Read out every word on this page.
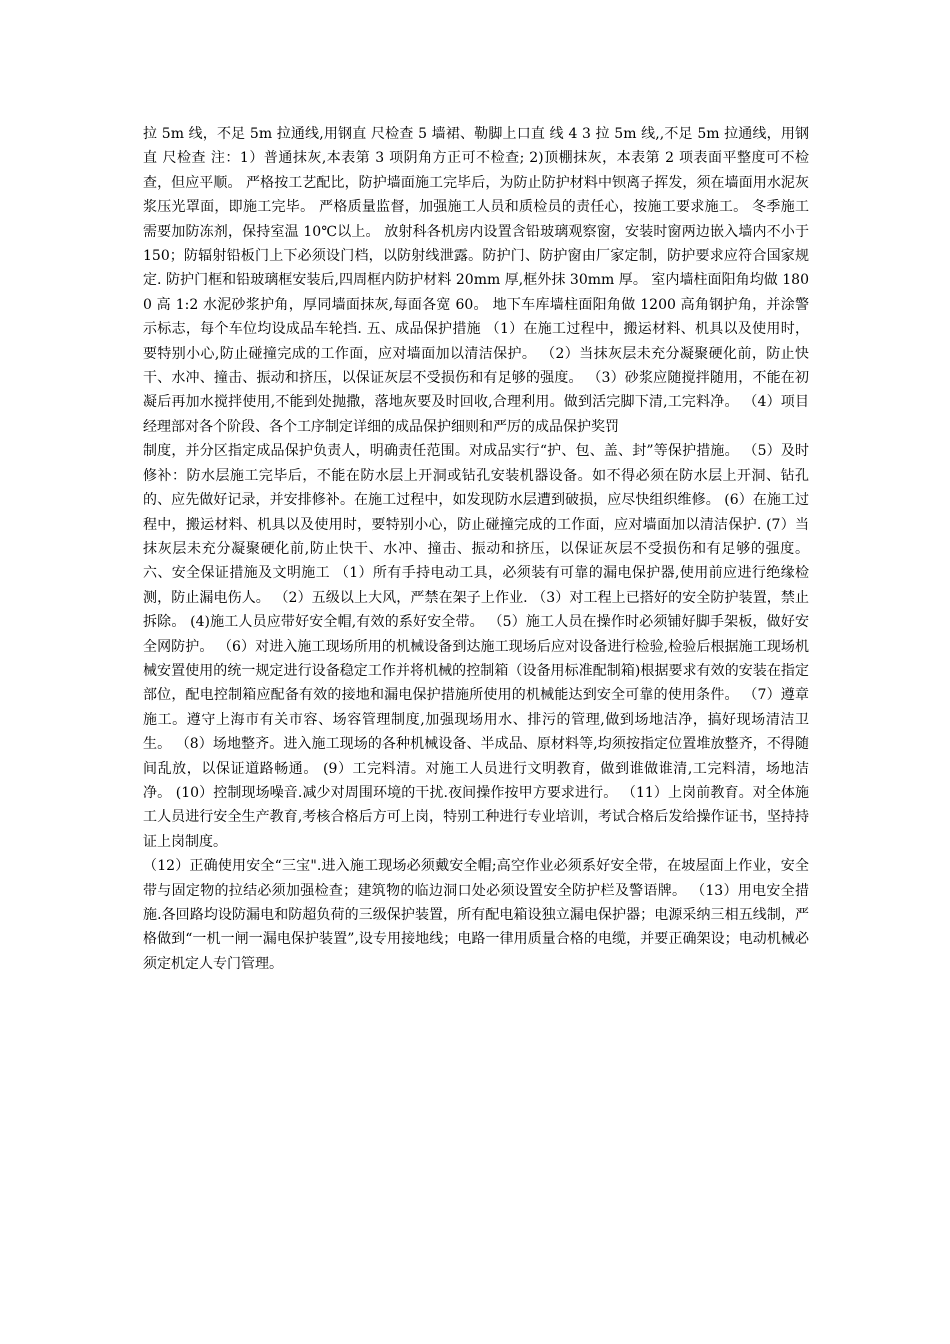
拉 5m 线，不足 5m 拉通线,用钢直 尺检查 5 墙裙、勒脚上口直 线 4 3 拉 5m 线,,不足 5m 拉通线，用钢直 尺检查 注：1）普通抹灰,本表第 3 项阴角方正可不检查; 2)顶棚抹灰，本表第 2 项表面平整度可不检查，但应平顺。 严格按工艺配比，防护墙面施工完毕后，为防止防护材料中钡离子挥发，须在墙面用水泥灰浆压光罩面，即施工完毕。 严格质量监督，加强施工人员和质检员的责任心，按施工要求施工。 冬季施工需要加防冻剂，保持室温 10℃以上。 放射科各机房内设置含铅玻璃观察窗，安装时窗两边嵌入墙内不小于 150；防辐射铅板门上下必须设门档，以防射线泄露。防护门、防护窗由厂家定制，防护要求应符合国家规定. 防护门框和铅玻璃框安装后,四周框内防护材料 20mm 厚,框外抹 30mm 厚。 室内墙柱面阳角均做 1800 高 1:2 水泥砂浆护角，厚同墙面抹灰,每面各宽 60。 地下车库墙柱面阳角做 1200 高角钢护角，并涂警示标志，每个车位均设成品车轮挡. 五、成品保护措施 （1）在施工过程中，搬运材料、机具以及使用时，要特别小心,防止碰撞完成的工作面，应对墙面加以清洁保护。 （2）当抹灰层未充分凝聚硬化前，防止快干、水冲、撞击、振动和挤压，以保证灰层不受损伤和有足够的强度。 （3）砂浆应随搅拌随用，不能在初凝后再加水搅拌使用,不能到处抛撒，落地灰要及时回收,合理利用。做到活完脚下清,工完料净。 （4）项目经理部对各个阶段、各个工序制定详细的成品保护细则和严厉的成品保护奖罚

制度，并分区指定成品保护负责人，明确责任范围。对成品实行“护、包、盖、封”等保护措施。 （5）及时修补：防水层施工完毕后，不能在防水层上开洞或钻孔安装机器设备。如不得必须在防水层上开洞、钻孔的、应先做好记录，并安排修补。在施工过程中，如发现防水层遭到破损，应尽快组织维修。 (6）在施工过程中，搬运材料、机具以及使用时，要特别小心，防止碰撞完成的工作面，应对墙面加以清洁保护. (7）当抹灰层未充分凝聚硬化前,防止快干、水冲、撞击、振动和挤压，以保证灰层不受损伤和有足够的强度。 六、安全保证措施及文明施工 （1）所有手持电动工具，必须装有可靠的漏电保护器,使用前应进行绝缘检测，防止漏电伤人。 （2）五级以上大风，严禁在架子上作业. （3）对工程上已搭好的安全防护装置，禁止拆除。 (4)施工人员应带好安全帽,有效的系好安全带。 （5）施工人员在操作时必须铺好脚手架板，做好安全网防护。 （6）对进入施工现场所用的机械设备到达施工现场后应对设备进行检验,检验后根据施工现场机械安置使用的统一规定进行设备稳定工作并将机械的控制箱（设备用标准配制箱)根据要求有效的安装在指定部位，配电控制箱应配备有效的接地和漏电保护措施所使用的机械能达到安全可靠的使用条件。 （7）遵章施工。遵守上海市有关市容、场容管理制度,加强现场用水、排污的管理,做到场地洁净，搞好现场清洁卫生。 （8）场地整齐。进入施工现场的各种机械设备、半成品、原材料等,均须按指定位置堆放整齐，不得随间乱放，以保证道路畅通。 (9）工完料清。对施工人员进行文明教育，做到谁做谁清,工完料清，场地洁净。 (10）控制现场噪音.减少对周围环境的干扰.夜间操作按甲方要求进行。 （11）上岗前教育。对全体施工人员进行安全生产教育,考核合格后方可上岗，特别工种进行专业培训，考试合格后发给操作证书，坚持持证上岗制度。

（12）正确使用安全“三宝".进入施工现场必须戴安全帽;高空作业必须系好安全带，在坡屋面上作业，安全带与固定物的拉结必须加强检查；建筑物的临边洞口处必须设置安全防护栏及警语牌。 （13）用电安全措施.各回路均设防漏电和防超负荷的三级保护装置，所有配电箱设独立漏电保护器；电源采纳三相五线制，严格做到“一机一闸一漏电保护装置”,设专用接地线；电路一律用质量合格的电缆，并要正确架设；电动机械必须定机定人专门管理。
